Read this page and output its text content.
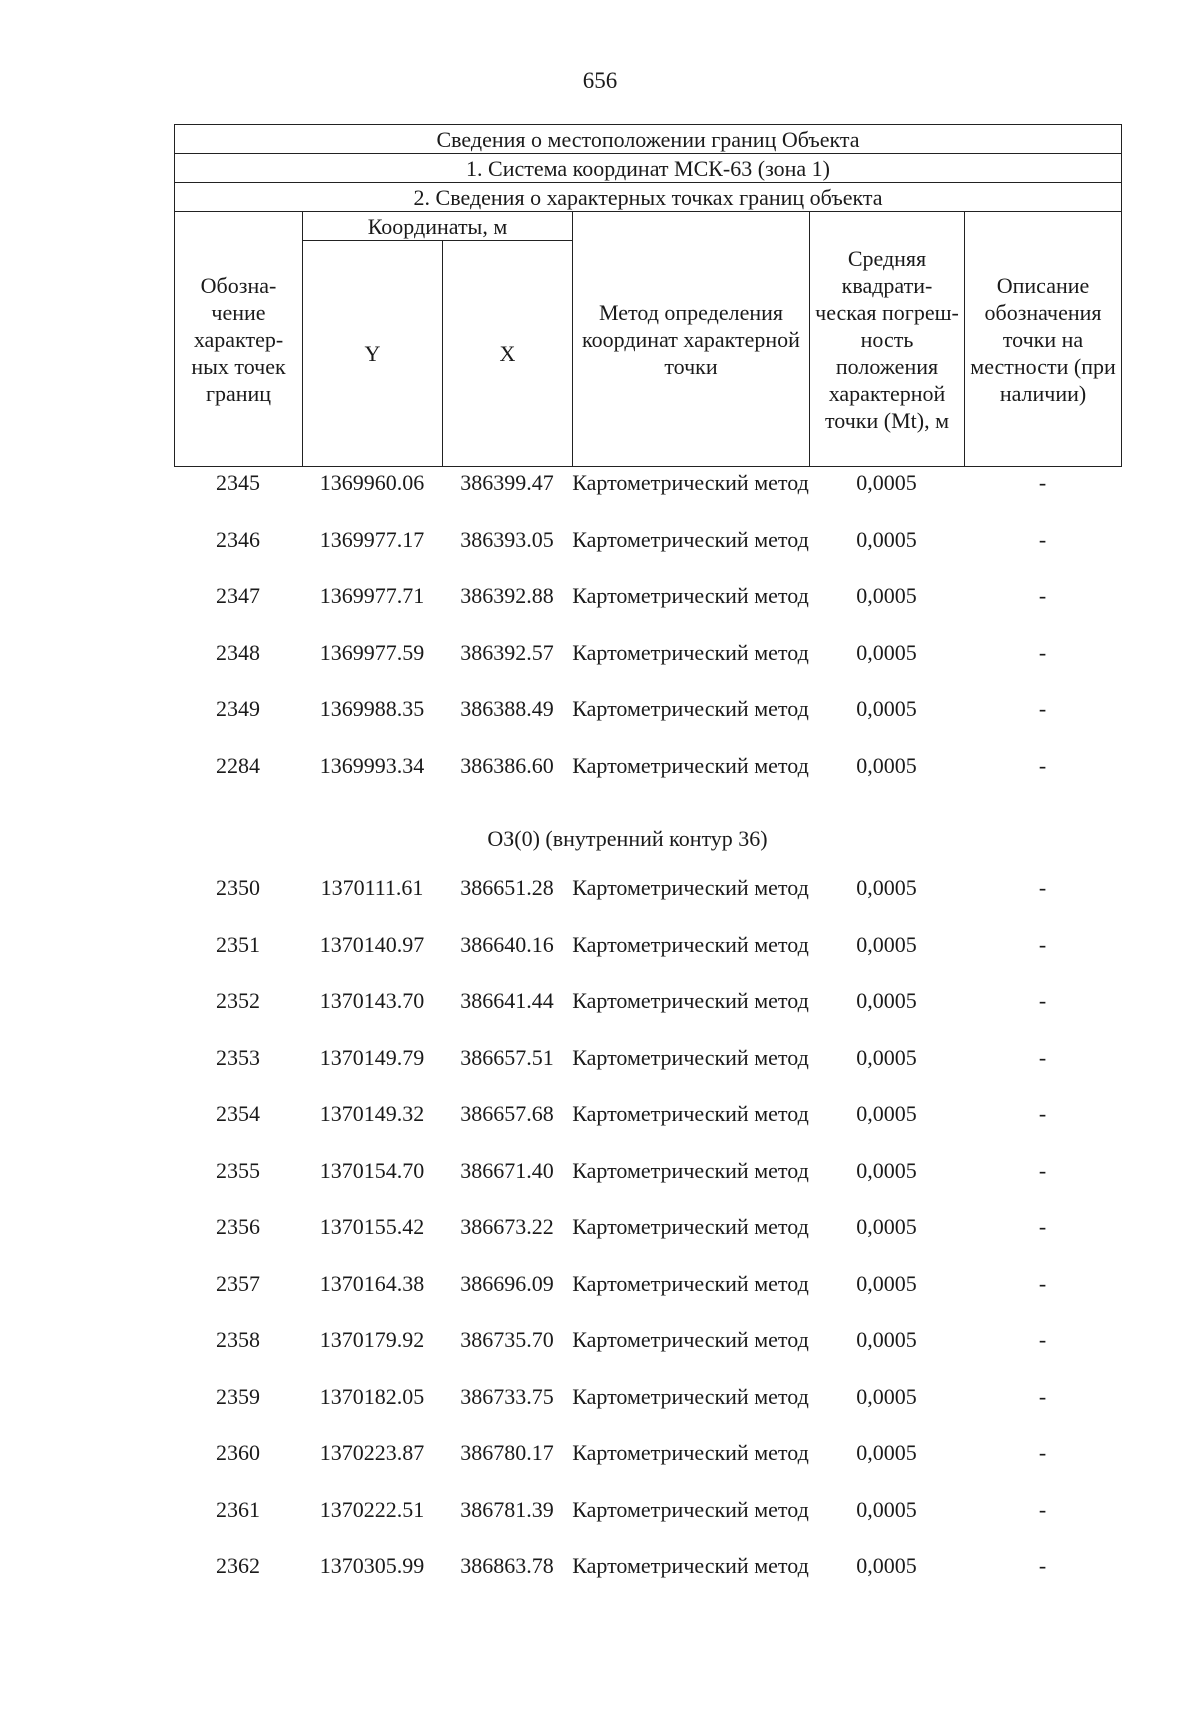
656
Сведения о местоположении границ Объекта					
1. Система координат МСК-63 (зона 1)					
2. Сведения о характерных точках границ объекта					
Обозна-чение характер-ных точек границ	Координаты, м		Метод определения координат характерной точки	Средняя квадрати-ческая погреш-ность положения характерной точки (Mt), м	Описание обозначения точки на местности (при наличии)
	Y	X			
2345	1369960.06	386399.47 Картометрический метод	0,0005	-
2346	1369977.17	386393.05 Картометрический метод	0,0005	-
2347	1369977.71	386392.88 Картометрический метод	0,0005	-
2348	1369977.59	386392.57 Картометрический метод	0,0005	-
2349	1369988.35	386388.49 Картометрический метод	0,0005	-
2284	1369993.34	386386.60 Картометрический метод	0,0005	-
ОЗ(0) (внутренний контур 36)
2350	1370111.61	386651.28 Картометрический метод	0,0005	-
2351	1370140.97	386640.16 Картометрический метод	0,0005	-
2352	1370143.70	386641.44 Картометрический метод	0,0005	-
2353	1370149.79	386657.51 Картометрический метод	0,0005	-
2354	1370149.32	386657.68 Картометрический метод	0,0005	-
2355	1370154.70	386671.40 Картометрический метод	0,0005	-
2356	1370155.42	386673.22 Картометрический метод	0,0005	-
2357	1370164.38	386696.09 Картометрический метод	0,0005	-
2358	1370179.92	386735.70 Картометрический метод	0,0005	-
2359	1370182.05	386733.75 Картометрический метод	0,0005	-
2360	1370223.87	386780.17 Картометрический метод	0,0005	-
2361	1370222.51	386781.39 Картометрический метод	0,0005	-
2362	1370305.99	386863.78 Картометрический метод	0,0005	-
